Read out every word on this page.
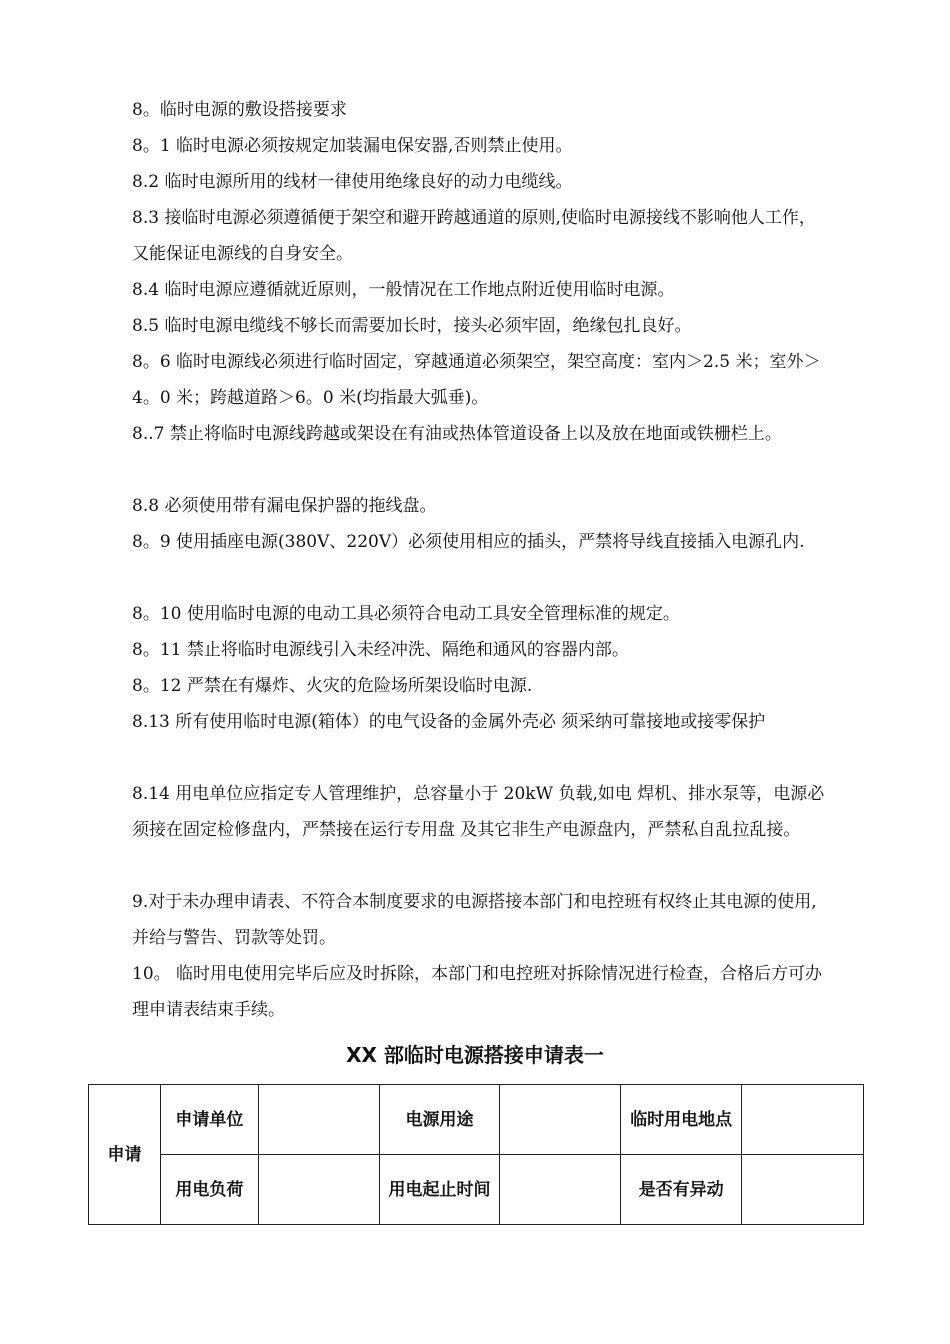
8。临时电源的敷设搭接要求

8。1 临时电源必须按规定加装漏电保安器,否则禁止使用。

8.2 临时电源所用的线材一律使用绝缘良好的动力电缆线。

8.3 接临时电源必须遵循便于架空和避开跨越通道的原则,使临时电源接线不影响他人工作，又能保证电源线的自身安全。

8.4 临时电源应遵循就近原则，一般情况在工作地点附近使用临时电源。

8.5 临时电源电缆线不够长而需要加长时，接头必须牢固，绝缘包扎良好。

8。6 临时电源线必须进行临时固定，穿越通道必须架空，架空高度：室内＞2.5 米；室外＞4。0 米；跨越道路＞6。0 米(均指最大弧垂)。

8..7 禁止将临时电源线跨越或架设在有油或热体管道设备上以及放在地面或铁栅栏上。

8.8 必须使用带有漏电保护器的拖线盘。

8。9 使用插座电源(380V、220V）必须使用相应的插头，严禁将导线直接插入电源孔内.

8。10 使用临时电源的电动工具必须符合电动工具安全管理标准的规定。

8。11 禁止将临时电源线引入未经冲洗、隔绝和通风的容器内部。

8。12 严禁在有爆炸、火灾的危险场所架设临时电源.

8.13 所有使用临时电源(箱体）的电气设备的金属外壳必 须采纳可靠接地或接零保护

8.14 用电单位应指定专人管理维护，总容量小于 20kW 负载,如电 焊机、排水泵等，电源必须接在固定检修盘内，严禁接在运行专用盘 及其它非生产电源盘内，严禁私自乱拉乱接。

9.对于未办理申请表、不符合本制度要求的电源搭接本部门和电控班有权终止其电源的使用,并给与警告、罚款等处罚。

10。 临时用电使用完毕后应及时拆除，本部门和电控班对拆除情况进行检查，合格后方可办理申请表结束手续。

XX 部临时电源搭接申请表一
申请	申请单位		电源用途		临时用电地点	
	用电负荷		用电起止时间		是否有异动	
